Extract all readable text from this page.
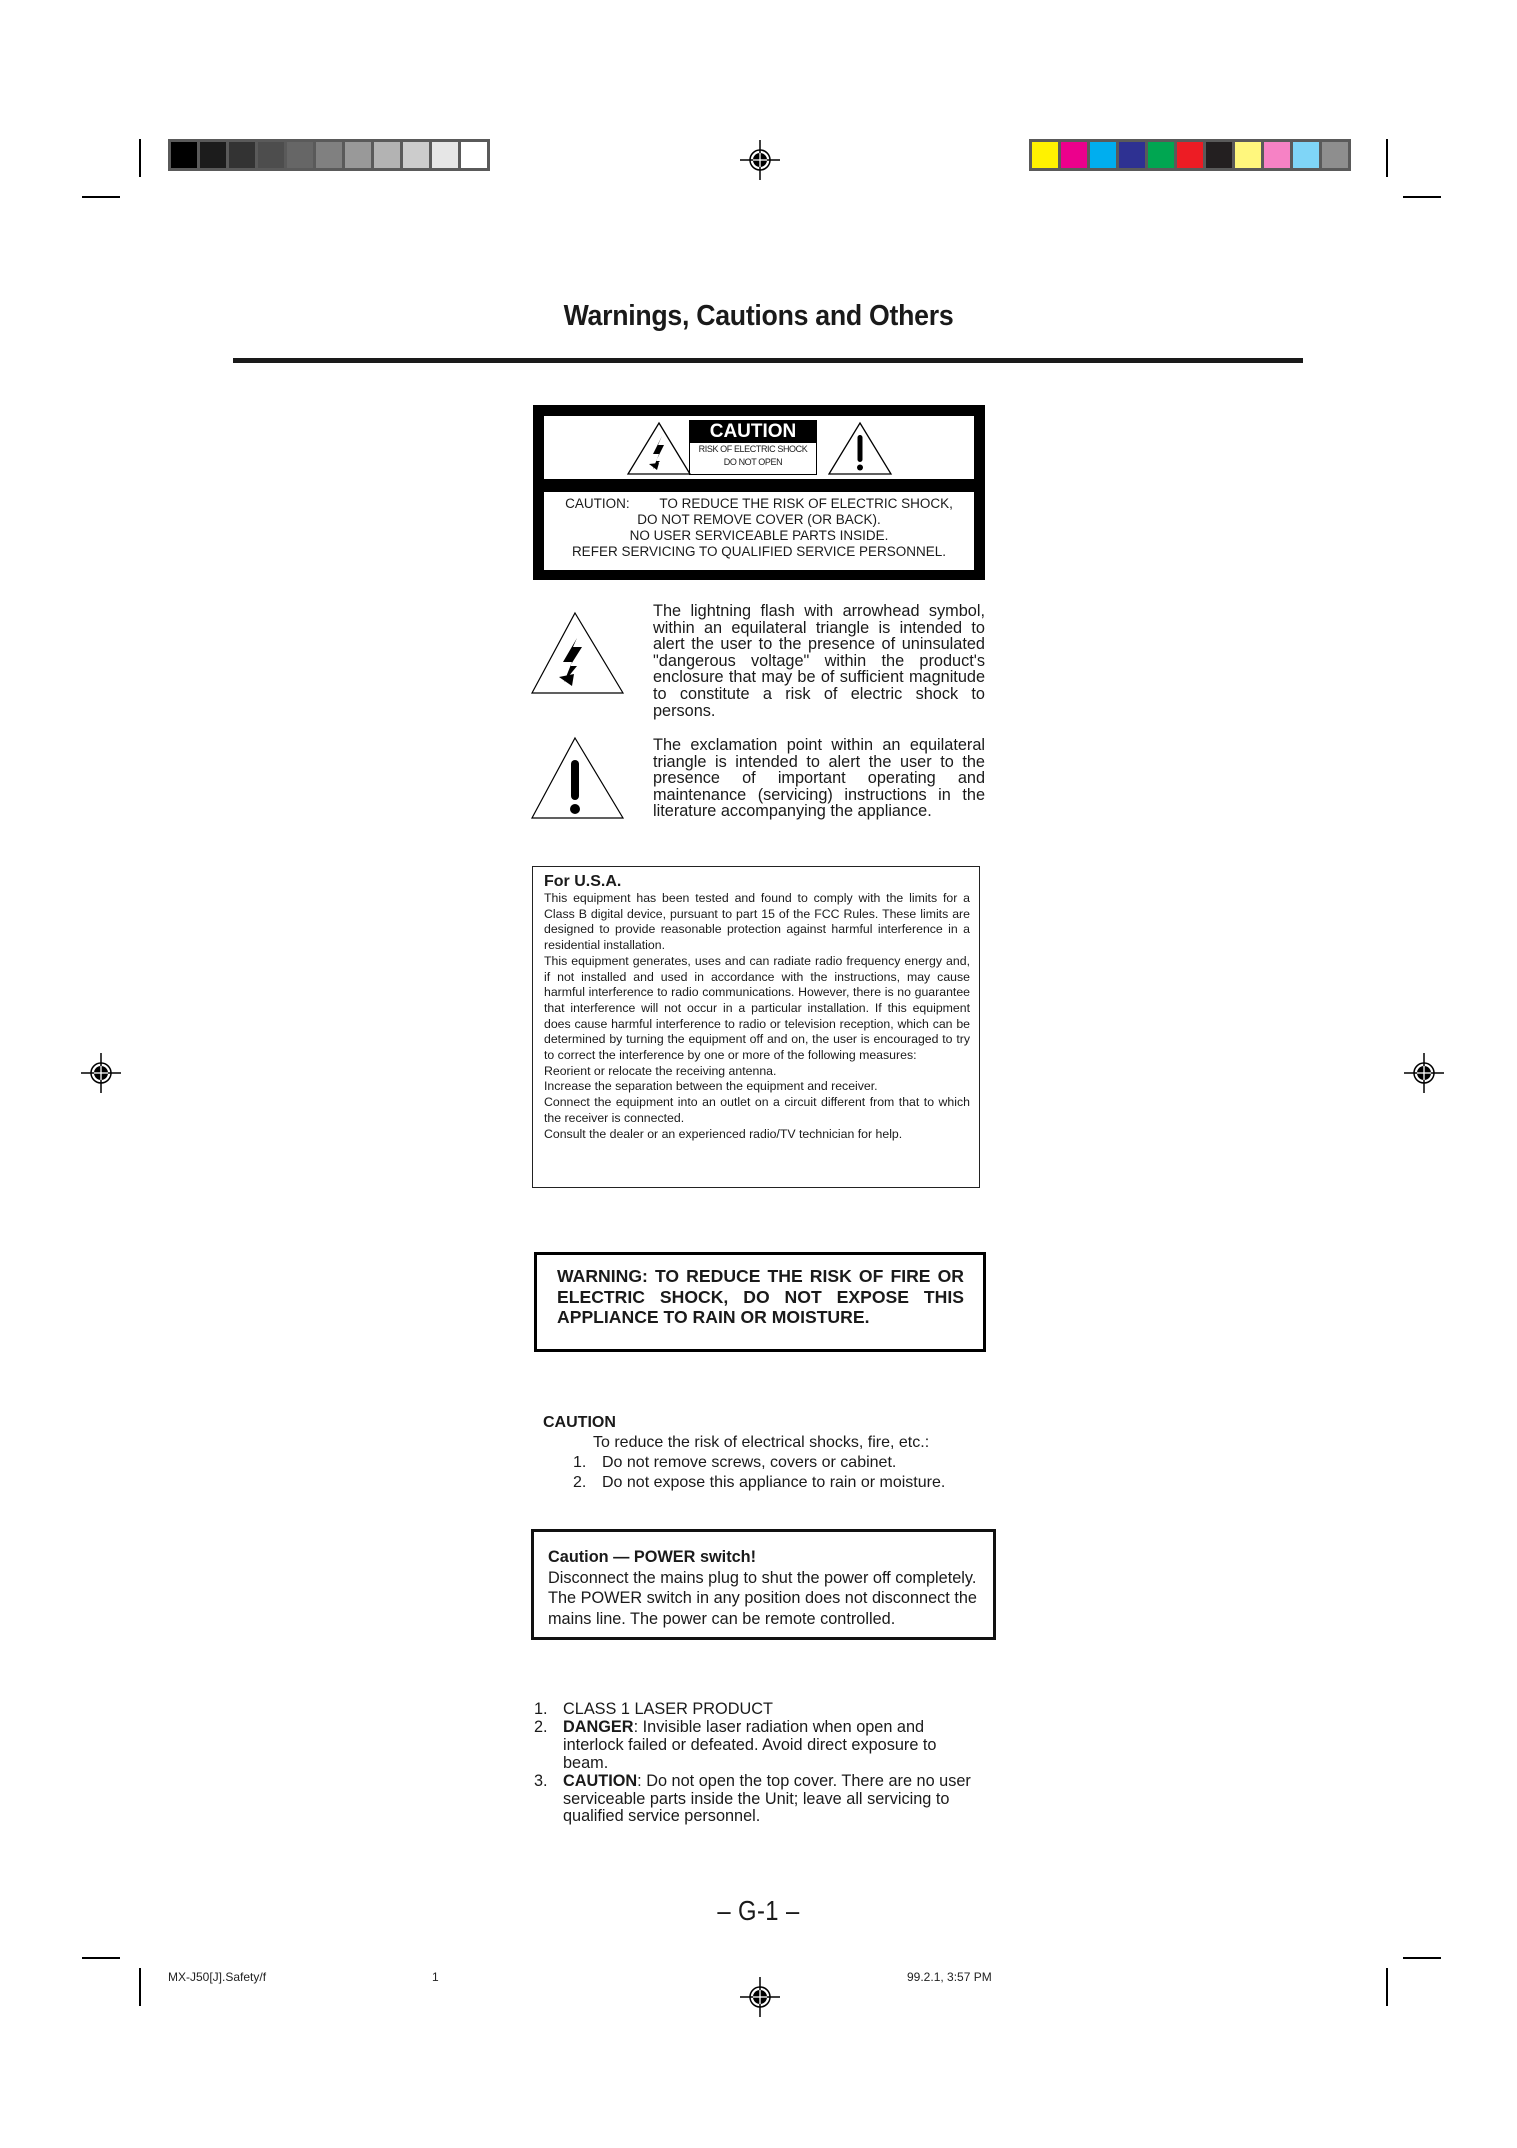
Warnings, Cautions and Others
CAUTION
RISK OF ELECTRIC SHOCK
DO NOT OPEN
CAUTION:        TO REDUCE THE RISK OF ELECTRIC SHOCK,
DO NOT REMOVE COVER (OR BACK).
NO USER SERVICEABLE PARTS INSIDE.
REFER SERVICING TO QUALIFIED SERVICE PERSONNEL.
The lightning flash with arrowhead symbol, within an equilateral triangle is intended to alert the user to the presence of uninsulated "dangerous voltage" within the product's enclosure that may be of sufficient magnitude to constitute a risk of electric shock to persons.
The exclamation point within an equilateral triangle is intended to alert the user to the presence of important operating and maintenance (servicing) instructions in the literature accompanying the appliance.
For U.S.A.

This equipment has been tested and found to comply with the limits for a Class B digital device, pursuant to part 15 of the FCC Rules. These limits are designed to provide reasonable protection against harmful interference in a residential installation.

This equipment generates, uses and can radiate radio frequency energy and, if not installed and used in accordance with the instructions, may cause harmful interference to radio communications. However, there is no guarantee that interference will not occur in a particular installation. If this equipment does cause harmful interference to radio or television reception, which can be determined by turning the equipment off and on, the user is encouraged to try to correct the interference by one or more of the following measures:

Reorient or relocate the receiving antenna.

Increase the separation between the equipment and receiver.

Connect the equipment into an outlet on a circuit different from that to which the receiver is connected.

Consult the dealer or an experienced radio/TV technician for help.

WARNING: TO REDUCE THE RISK OF FIRE OR ELECTRIC SHOCK, DO NOT EXPOSE THIS APPLIANCE TO RAIN OR MOISTURE.
CAUTION
To reduce the risk of electrical shocks, fire, etc.:
1. Do not remove screws, covers or cabinet.
2. Do not expose this appliance to rain or moisture.
Caution — POWER switch!
Disconnect the mains plug to shut the power off completely.
The POWER switch in any position does not disconnect the
mains line. The power can be remote controlled.
1. CLASS 1 LASER PRODUCT
2. DANGER: Invisible laser radiation when open and interlock failed or defeated. Avoid direct exposure to beam.
3. CAUTION: Do not open the top cover. There are no user serviceable parts inside the Unit; leave all servicing to qualified service personnel.
– G-1 –
MX-J50[J].Safety/f	1	99.2.1, 3:57 PM
